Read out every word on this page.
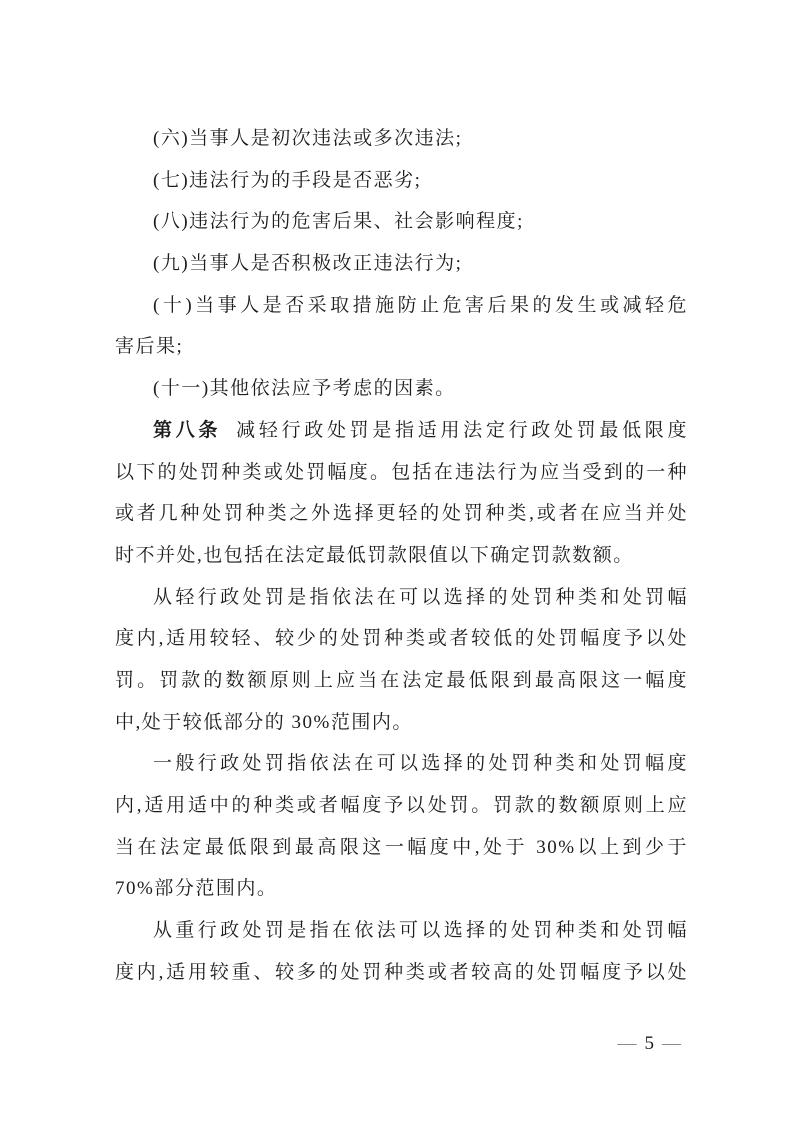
(六)当事人是初次违法或多次违法;
(七)违法行为的手段是否恶劣;
(八)违法行为的危害后果、社会影响程度;
(九)当事人是否积极改正违法行为;
(十)当事人是否采取措施防止危害后果的发生或减轻危
害后果;
(十一)其他依法应予考虑的因素。
第八条 减轻行政处罚是指适用法定行政处罚最低限度
以下的处罚种类或处罚幅度。包括在违法行为应当受到的一种
或者几种处罚种类之外选择更轻的处罚种类,或者在应当并处
时不并处,也包括在法定最低罚款限值以下确定罚款数额。
从轻行政处罚是指依法在可以选择的处罚种类和处罚幅
度内,适用较轻、较少的处罚种类或者较低的处罚幅度予以处
罚。罚款的数额原则上应当在法定最低限到最高限这一幅度
中,处于较低部分的 30%范围内。
一般行政处罚指依法在可以选择的处罚种类和处罚幅度
内,适用适中的种类或者幅度予以处罚。罚款的数额原则上应
当在法定最低限到最高限这一幅度中,处于 30%以上到少于
70%部分范围内。
从重行政处罚是指在依法可以选择的处罚种类和处罚幅
度内,适用较重、较多的处罚种类或者较高的处罚幅度予以处
— 5 —
